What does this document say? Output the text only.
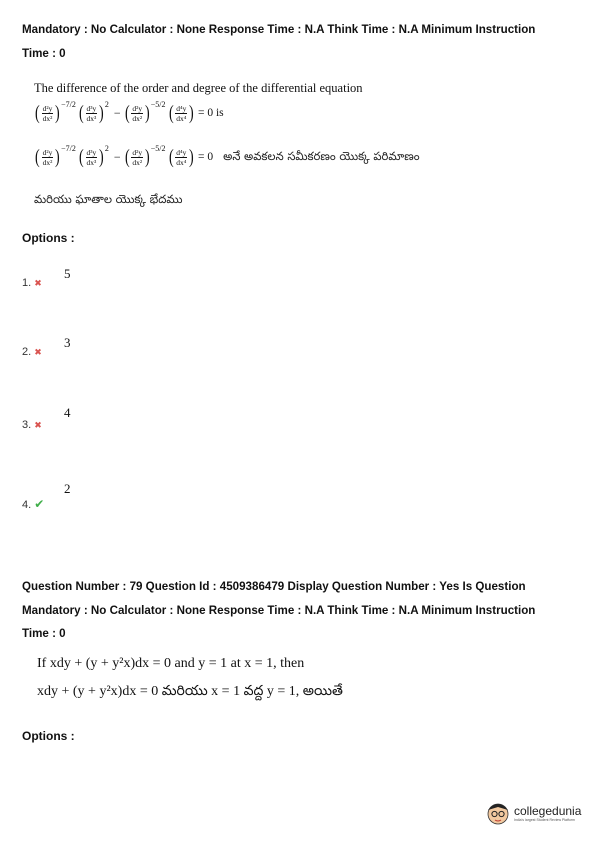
Mandatory : No Calculator : None Response Time : N.A Think Time : N.A Minimum Instruction
Time : 0
The difference of the order and degree of the differential equation
( $\frac{\text{d²y}}{\text{dx²}}$
) −7/2 ( $\frac{\text{d³y}}{\text{dx³}}$
) 2
− ( $\frac{\text{d²y}}{\text{dx²}}$
) −5/2 ( $\frac{\text{d⁴y}}{\text{dx⁴}}$
) = 0 is
( $\frac{\text{d²y}}{\text{dx²}}$
) −7/2 ( $\frac{\text{d³y}}{\text{dx³}}$
) 2
− ( $\frac{\text{d²y}}{\text{dx²}}$
) −5/2 ( $\frac{\text{d⁴y}}{\text{dx⁴}}$
) = 0 అనే అవకలన సమీకరణం యొక్క పరిమాణం
మరియు ఘాతాల యొక్క భేదము
Options :
5
1. ✖
3
2. ✖
4
3. ✖
2
4. ✔
Question Number : 79 Question Id : 4509386479 Display Question Number : Yes Is Question
Mandatory : No Calculator : None Response Time : N.A Think Time : N.A Minimum Instruction
Time : 0
If xdy + (y + y²x)dx = 0 and y = 1 at x = 1, then
xdy + (y + y²x)dx = 0 మరియు x = 1 వద్ద y = 1, అయితే
Options :
collegedunia
India's largest Student Review Platform
